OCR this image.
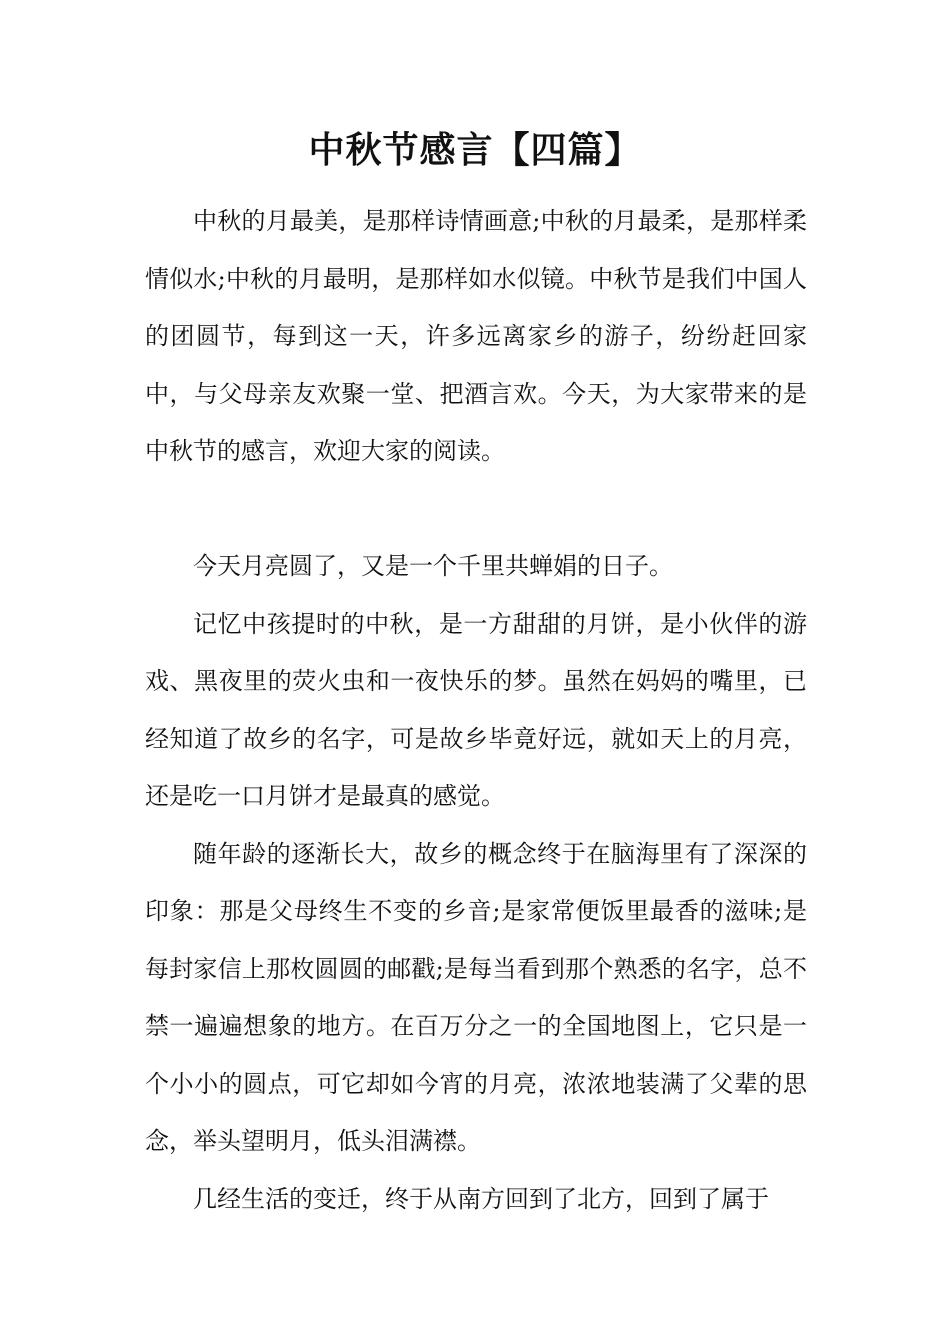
中秋节感言【四篇】

中秋的月最美，是那样诗情画意;中秋的月最柔，是那样柔情似水;中秋的月最明，是那样如水似镜。中秋节是我们中国人的团圆节，每到这一天，许多远离家乡的游子，纷纷赶回家中，与父母亲友欢聚一堂、把酒言欢。今天，为大家带来的是中秋节的感言，欢迎大家的阅读。

今天月亮圆了，又是一个千里共蝉娟的日子。

记忆中孩提时的中秋，是一方甜甜的月饼，是小伙伴的游戏、黑夜里的荧火虫和一夜快乐的梦。虽然在妈妈的嘴里，已经知道了故乡的名字，可是故乡毕竟好远，就如天上的月亮，还是吃一口月饼才是最真的感觉。

随年龄的逐渐长大，故乡的概念终于在脑海里有了深深的印象：那是父母终生不变的乡音;是家常便饭里最香的滋味;是每封家信上那枚圆圆的邮戳;是每当看到那个熟悉的名字，总不禁一遍遍想象的地方。在百万分之一的全国地图上，它只是一个小小的圆点，可它却如今宵的月亮，浓浓地装满了父辈的思念，举头望明月，低头泪满襟。

几经生活的变迁，终于从南方回到了北方，回到了属于
